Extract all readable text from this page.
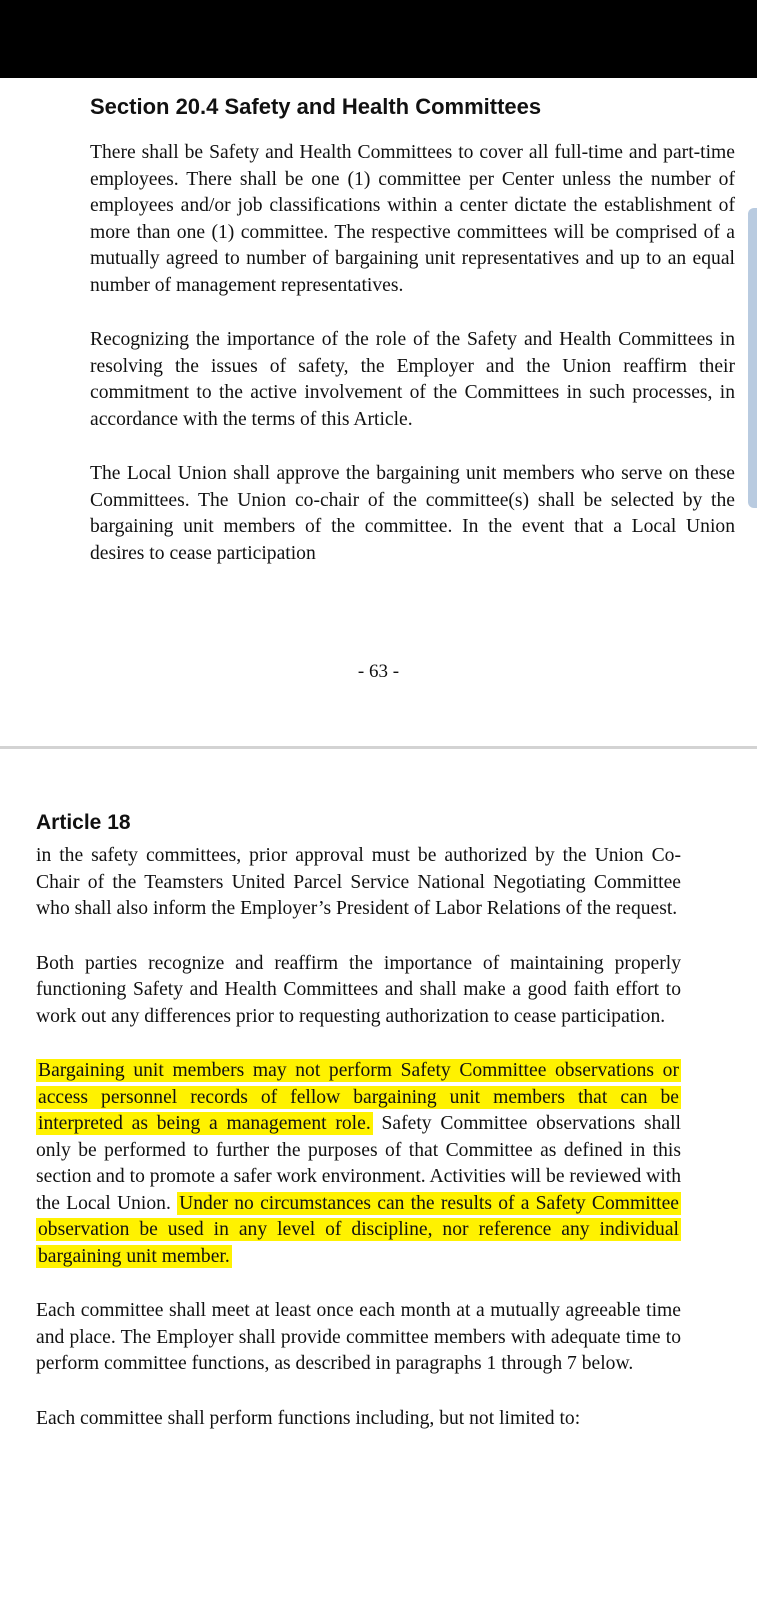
Section 20.4 Safety and Health Committees

There shall be Safety and Health Committees to cover all full-time and part-time employees. There shall be one (1) committee per Center unless the number of employees and/or job classifications within a center dictate the establishment of more than one (1) committee. The respective committees will be comprised of a mutually agreed to number of bargaining unit representatives and up to an equal number of management representatives.

Recognizing the importance of the role of the Safety and Health Committees in resolving the issues of safety, the Employer and the Union reaffirm their commitment to the active involvement of the Committees in such processes, in accordance with the terms of this Article.

The Local Union shall approve the bargaining unit members who serve on these Committees. The Union co-chair of the committee(s) shall be selected by the bargaining unit members of the committee. In the event that a Local Union desires to cease participation

- 63 -
Article 18

in the safety committees, prior approval must be authorized by the Union Co-Chair of the Teamsters United Parcel Service National Negotiating Committee who shall also inform the Employer’s President of Labor Relations of the request.

Both parties recognize and reaffirm the importance of maintaining properly functioning Safety and Health Committees and shall make a good faith effort to work out any differences prior to requesting authorization to cease participation.

Bargaining unit members may not perform Safety Committee observations or access personnel records of fellow bargaining unit members that can be interpreted as being a management role. Safety Committee observations shall only be performed to further the purposes of that Committee as defined in this section and to promote a safer work environment. Activities will be reviewed with the Local Union. Under no circumstances can the results of a Safety Committee observation be used in any level of discipline, nor reference any individual bargaining unit member.

Each committee shall meet at least once each month at a mutually agreeable time and place. The Employer shall provide committee members with adequate time to perform committee functions, as described in paragraphs 1 through 7 below.

Each committee shall perform functions including, but not limited to:
